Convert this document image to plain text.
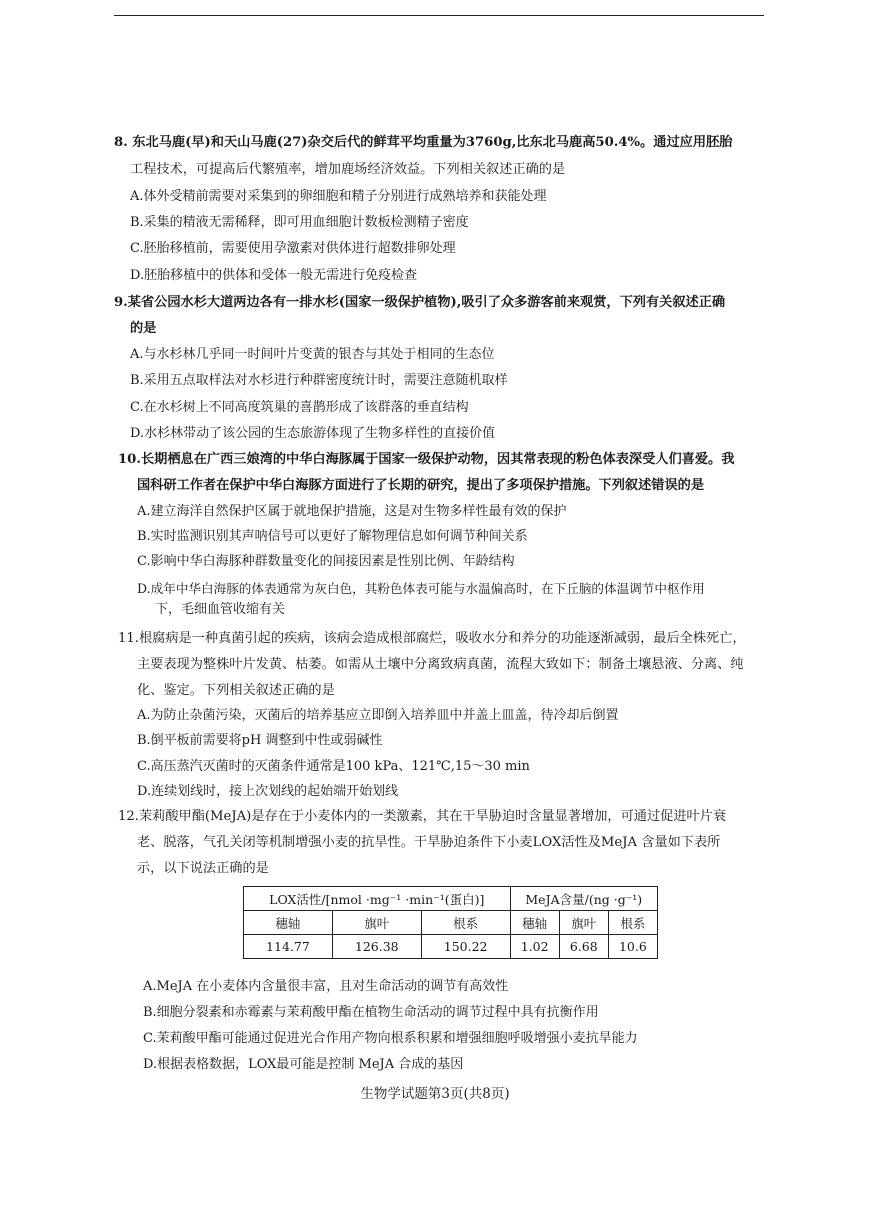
8. 东北马鹿(早)和天山马鹿(27)杂交后代的鲜茸平均重量为3760g,比东北马鹿高50.4%。通过应用胚胎
工程技术，可提高后代繁殖率，增加鹿场经济效益。下列相关叙述正确的是
A.体外受精前需要对采集到的卵细胞和精子分别进行成熟培养和获能处理
B.采集的精液无需稀释，即可用血细胞计数板检测精子密度
C.胚胎移植前，需要使用孕激素对供体进行超数排卵处理
D.胚胎移植中的供体和受体一般无需进行免疫检查
9.某省公园水杉大道两边各有一排水杉(国家一级保护植物),吸引了众多游客前来观赏，下列有关叙述正确
的是
A.与水杉林几乎同一时间叶片变黄的银杏与其处于相同的生态位
B.采用五点取样法对水杉进行种群密度统计时，需要注意随机取样
C.在水杉树上不同高度筑巢的喜鹊形成了该群落的垂直结构
D.水杉林带动了该公园的生态旅游体现了生物多样性的直接价值
10.长期栖息在广西三娘湾的中华白海豚属于国家一级保护动物，因其常表现的粉色体表深受人们喜爱。我
国科研工作者在保护中华白海豚方面进行了长期的研究，提出了多项保护措施。下列叙述错误的是
A.建立海洋自然保护区属于就地保护措施，这是对生物多样性最有效的保护
B.实时监测识别其声呐信号可以更好了解物理信息如何调节种间关系
C.影响中华白海豚种群数量变化的间接因素是性别比例、年龄结构
D.成年中华白海豚的体表通常为灰白色，其粉色体表可能与水温偏高时，在下丘脑的体温调节中枢作用
下，毛细血管收缩有关
11.根腐病是一种真菌引起的疾病，该病会造成根部腐烂，吸收水分和养分的功能逐渐减弱，最后全株死亡，
主要表现为整株叶片发黄、枯萎。如需从土壤中分离致病真菌，流程大致如下：制备土壤悬液、分离、纯
化、鉴定。下列相关叙述正确的是
A.为防止杂菌污染，灭菌后的培养基应立即倒入培养皿中并盖上皿盖，待冷却后倒置
B.倒平板前需要将pH 调整到中性或弱碱性
C.高压蒸汽灭菌时的灭菌条件通常是100 kPa、121℃,15～30 min
D.连续划线时，接上次划线的起始端开始划线
12.茉莉酸甲酯(MeJA)是存在于小麦体内的一类激素，其在干旱胁迫时含量显著增加，可通过促进叶片衰
老、脱落，气孔关闭等机制增强小麦的抗旱性。干旱胁迫条件下小麦LOX活性及MeJA 含量如下表所
示，以下说法正确的是
LOX活性/[nmol ·mg⁻¹ ·min⁻¹(蛋白)]			MeJA含量/(ng ·g⁻¹)		
穗轴	旗叶	根系	穗轴	旗叶	根系
114.77	126.38	150.22	1.02	6.68	10.6
A.MeJA 在小麦体内含量很丰富，且对生命活动的调节有高效性
B.细胞分裂素和赤霉素与茉莉酸甲酯在植物生命活动的调节过程中具有抗衡作用
C.茉莉酸甲酯可能通过促进光合作用产物向根系积累和增强细胞呼吸增强小麦抗旱能力
D.根据表格数据，LOX最可能是控制 MeJA 合成的基因
生物学试题第3页(共8页)
